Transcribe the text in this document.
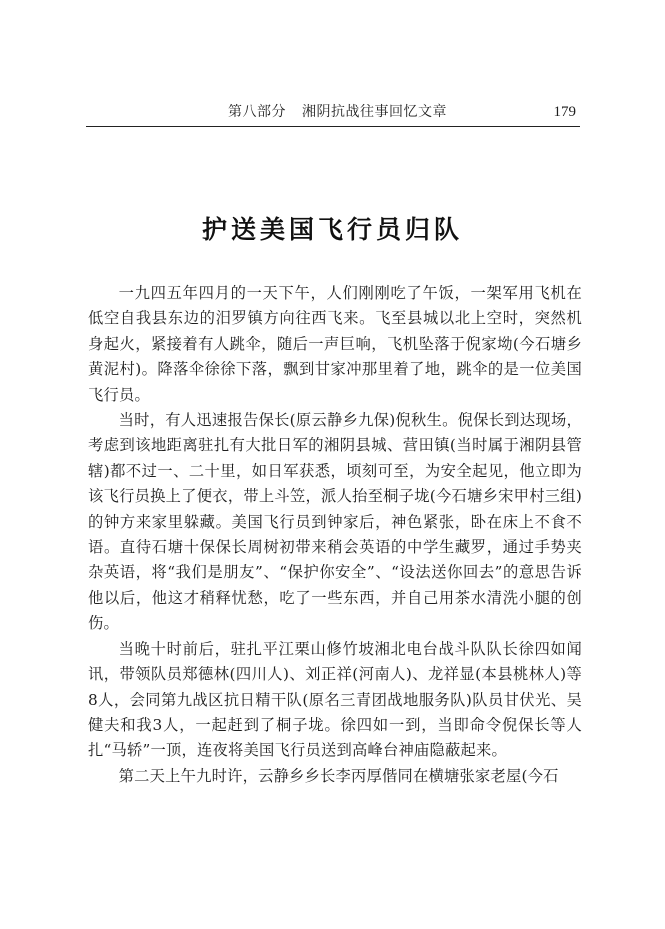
第八部分 湘阴抗战往事回忆文章	179
护送美国飞行员归队

一九四五年四月的一天下午，人们刚刚吃了午饭，一架军用飞机在低空自我县东边的汨罗镇方向往西飞来。飞至县城以北上空时，突然机身起火，紧接着有人跳伞，随后一声巨响，飞机坠落于倪家坳(今石塘乡黄泥村)。降落伞徐徐下落，飘到甘家冲那里着了地，跳伞的是一位美国飞行员。

当时，有人迅速报告保长(原云静乡九保)倪秋生。倪保长到达现场，考虑到该地距离驻扎有大批日军的湘阴县城、营田镇(当时属于湘阴县管辖)都不过一、二十里，如日军获悉，顷刻可至，为安全起见，他立即为该飞行员换上了便衣，带上斗笠，派人抬至桐子垅(今石塘乡宋甲村三组)的钟方来家里躲藏。美国飞行员到钟家后，神色紧张，卧在床上不食不语。直待石塘十保保长周树初带来稍会英语的中学生藏罗，通过手势夹杂英语，将“我们是朋友”、“保护你安全”、“设法送你回去”的意思告诉他以后，他这才稍释忧愁，吃了一些东西，并自己用茶水清洗小腿的创伤。

当晚十时前后，驻扎平江栗山修竹坡湘北电台战斗队队长徐四如闻讯，带领队员郑德林(四川人)、刘正祥(河南人)、龙祥显(本县桃林人)等8人，会同第九战区抗日精干队(原名三青团战地服务队)队员甘伏光、吴健夫和我3人，一起赶到了桐子垅。徐四如一到，当即命令倪保长等人扎“马轿”一顶，连夜将美国飞行员送到高峰台神庙隐蔽起来。

第二天上午九时许，云静乡乡长李丙厚偕同在横塘张家老屋(今石
